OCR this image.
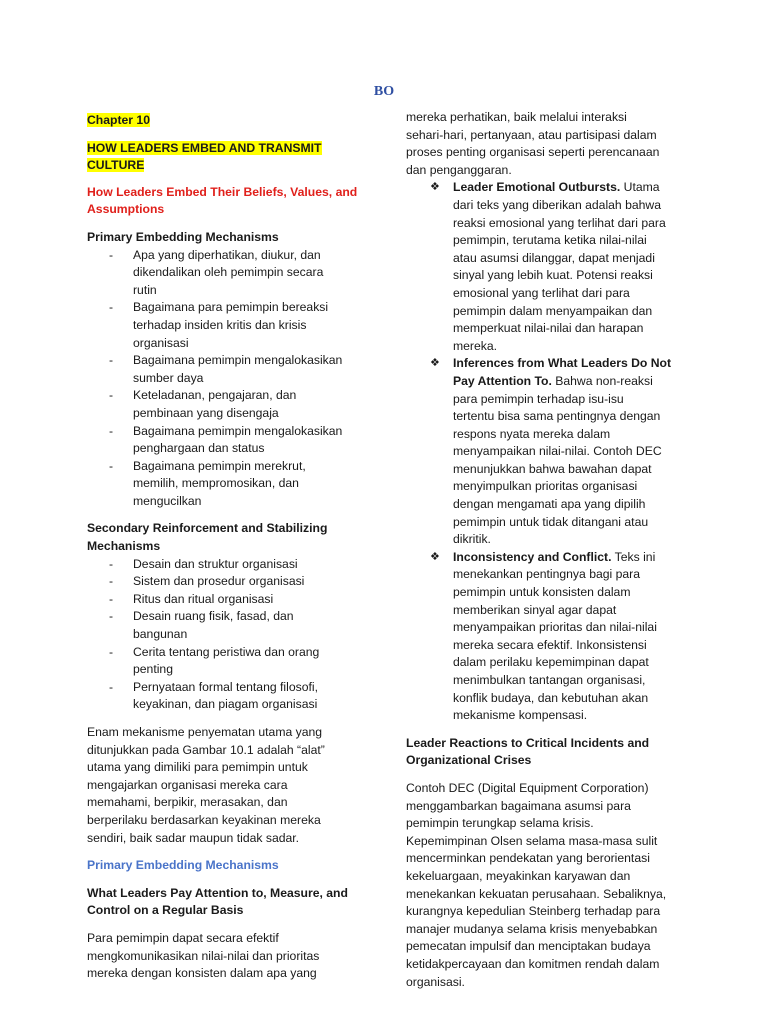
BO

Chapter 10

HOW LEADERS EMBED AND TRANSMIT
CULTURE

How Leaders Embed Their Beliefs, Values, and
Assumptions

Primary Embedding Mechanisms

- Apa yang diperhatikan, diukur, dan
dikendalikan oleh pemimpin secara
rutin
- Bagaimana para pemimpin bereaksi
terhadap insiden kritis dan krisis
organisasi
- Bagaimana pemimpin mengalokasikan
sumber daya
- Keteladanan, pengajaran, dan
pembinaan yang disengaja
- Bagaimana pemimpin mengalokasikan
penghargaan dan status
- Bagaimana pemimpin merekrut,
memilih, mempromosikan, dan
mengucilkan

Secondary Reinforcement and Stabilizing
Mechanisms

- Desain dan struktur organisasi
- Sistem dan prosedur organisasi
- Ritus dan ritual organisasi
- Desain ruang fisik, fasad, dan
bangunan
- Cerita tentang peristiwa dan orang
penting
- Pernyataan formal tentang filosofi,
keyakinan, dan piagam organisasi

Enam mekanisme penyematan utama yang
ditunjukkan pada Gambar 10.1 adalah “alat”
utama yang dimiliki para pemimpin untuk
mengajarkan organisasi mereka cara
memahami, berpikir, merasakan, dan
berperilaku berdasarkan keyakinan mereka
sendiri, baik sadar maupun tidak sadar.

Primary Embedding Mechanisms

What Leaders Pay Attention to, Measure, and
Control on a Regular Basis

Para pemimpin dapat secara efektif
mengkomunikasikan nilai-nilai dan prioritas
mereka dengan konsisten dalam apa yang

mereka perhatikan, baik melalui interaksi
sehari-hari, pertanyaan, atau partisipasi dalam
proses penting organisasi seperti perencanaan
dan penganggaran.

❖ Leader Emotional Outbursts. Utama
dari teks yang diberikan adalah bahwa
reaksi emosional yang terlihat dari para
pemimpin, terutama ketika nilai-nilai
atau asumsi dilanggar, dapat menjadi
sinyal yang lebih kuat. Potensi reaksi
emosional yang terlihat dari para
pemimpin dalam menyampaikan dan
memperkuat nilai-nilai dan harapan
mereka.
❖ Inferences from What Leaders Do Not
Pay Attention To. Bahwa non-reaksi
para pemimpin terhadap isu-isu
tertentu bisa sama pentingnya dengan
respons nyata mereka dalam
menyampaikan nilai-nilai. Contoh DEC
menunjukkan bahwa bawahan dapat
menyimpulkan prioritas organisasi
dengan mengamati apa yang dipilih
pemimpin untuk tidak ditangani atau
dikritik.
❖ Inconsistency and Conflict. Teks ini
menekankan pentingnya bagi para
pemimpin untuk konsisten dalam
memberikan sinyal agar dapat
menyampaikan prioritas dan nilai-nilai
mereka secara efektif. Inkonsistensi
dalam perilaku kepemimpinan dapat
menimbulkan tantangan organisasi,
konflik budaya, dan kebutuhan akan
mekanisme kompensasi.

Leader Reactions to Critical Incidents and
Organizational Crises

Contoh DEC (Digital Equipment Corporation)
menggambarkan bagaimana asumsi para
pemimpin terungkap selama krisis.
Kepemimpinan Olsen selama masa-masa sulit
mencerminkan pendekatan yang berorientasi
kekeluargaan, meyakinkan karyawan dan
menekankan kekuatan perusahaan. Sebaliknya,
kurangnya kepedulian Steinberg terhadap para
manajer mudanya selama krisis menyebabkan
pemecatan impulsif dan menciptakan budaya
ketidakpercayaan dan komitmen rendah dalam
organisasi.
